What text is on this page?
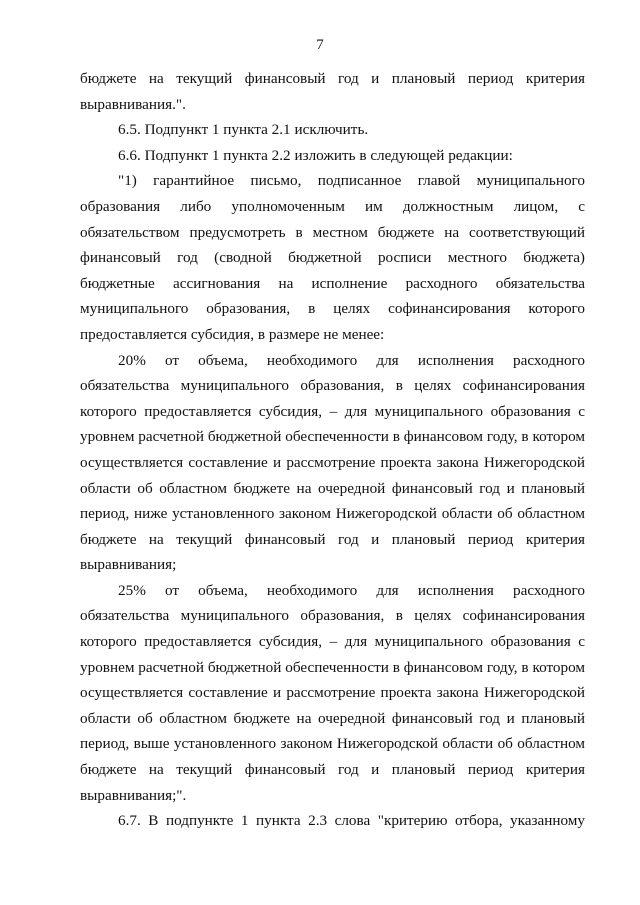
7

бюджете на текущий финансовый год и плановый период критерия выравнивания.".

6.5. Подпункт 1 пункта 2.1 исключить.

6.6. Подпункт 1 пункта 2.2 изложить в следующей редакции:

"1) гарантийное письмо, подписанное главой муниципального образования либо уполномоченным им должностным лицом, с обязательством предусмотреть в местном бюджете на соответствующий финансовый год (сводной бюджетной росписи местного бюджета) бюджетные ассигнования на исполнение расходного обязательства муниципального образования, в целях софинансирования которого предоставляется субсидия, в размере не менее:

20% от объема, необходимого для исполнения расходного обязательства муниципального образования, в целях софинансирования которого предоставляется субсидия, – для муниципального образования с уровнем расчетной бюджетной обеспеченности в финансовом году, в котором осуществляется составление и рассмотрение проекта закона Нижегородской области об областном бюджете на очередной финансовый год и плановый период, ниже установленного законом Нижегородской области об областном бюджете на текущий финансовый год и плановый период критерия выравнивания;

25% от объема, необходимого для исполнения расходного обязательства муниципального образования, в целях софинансирования которого предоставляется субсидия, – для муниципального образования с уровнем расчетной бюджетной обеспеченности в финансовом году, в котором осуществляется составление и рассмотрение проекта закона Нижегородской области об областном бюджете на очередной финансовый год и плановый период, выше установленного законом Нижегородской области об областном бюджете на текущий финансовый год и плановый период критерия выравнивания;".

6.7. В подпункте 1 пункта 2.3 слова "критерию отбора, указанному
